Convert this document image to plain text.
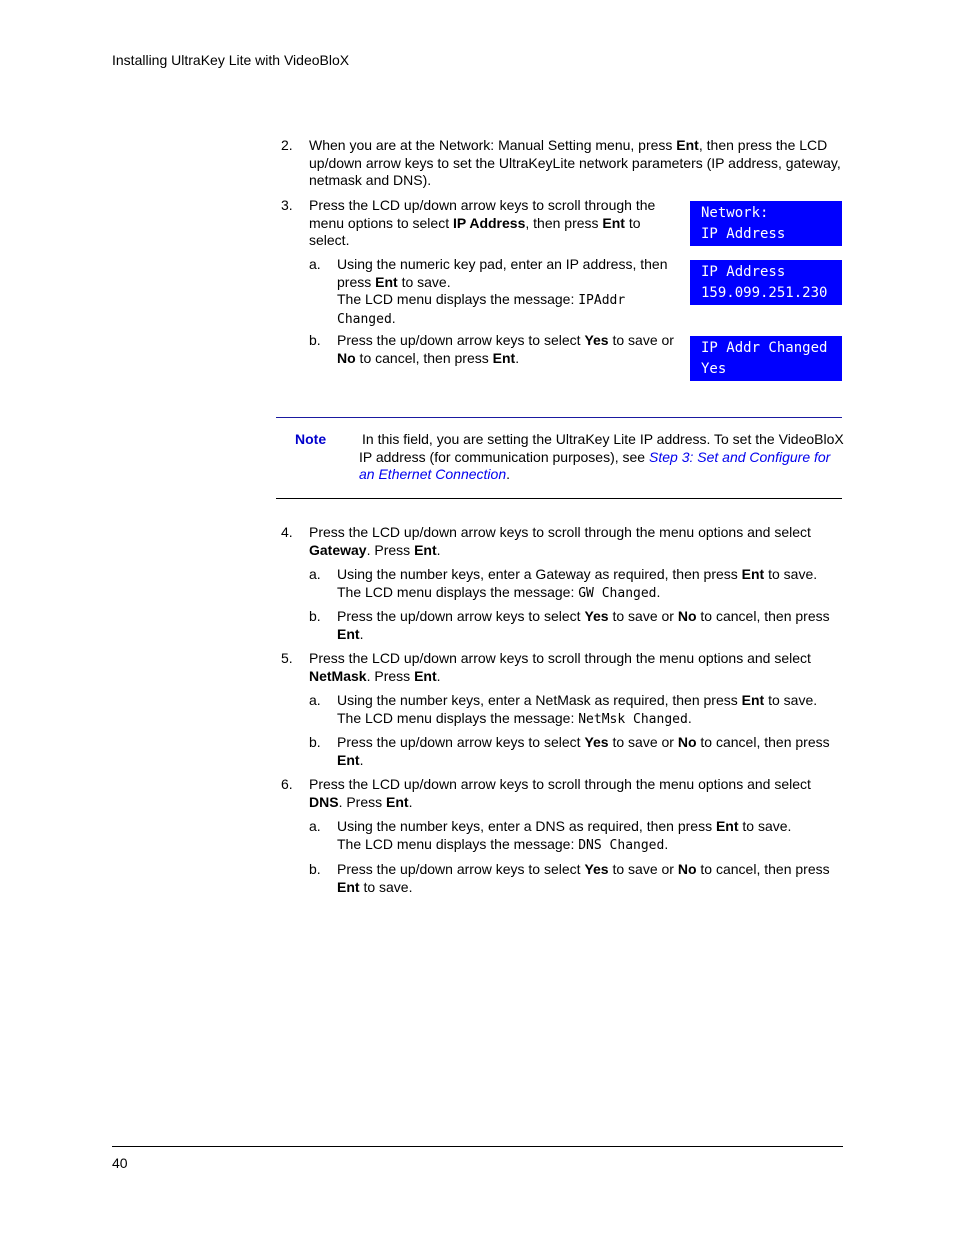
Installing UltraKey Lite with VideoBloX
2. When you are at the Network: Manual Setting menu, press Ent, then press the LCD
up/down arrow keys to set the UltraKeyLite network parameters (IP address, gateway,
netmask and DNS).
3. Press the LCD up/down arrow keys to scroll through the
menu options to select IP Address, then press Ent to
select.
a. Using the numeric key pad, enter an IP address, then
press Ent to save.
The LCD menu displays the message: IPAddr
Changed.
b. Press the up/down arrow keys to select Yes to save or
No to cancel, then press Ent.
Network:
IP Address
IP Address
159.099.251.230
IP Addr Changed
Yes
Note	In this field, you are setting the UltraKey Lite IP address. To set the VideoBloX
IP address (for communication purposes), see Step 3: Set and Configure for
an Ethernet Connection.
4. Press the LCD up/down arrow keys to scroll through the menu options and select
Gateway. Press Ent.
a. Using the number keys, enter a Gateway as required, then press Ent to save.
The LCD menu displays the message: GW Changed.
b. Press the up/down arrow keys to select Yes to save or No to cancel, then press
Ent.
5. Press the LCD up/down arrow keys to scroll through the menu options and select
NetMask. Press Ent.
a. Using the number keys, enter a NetMask as required, then press Ent to save.
The LCD menu displays the message: NetMsk Changed.
b. Press the up/down arrow keys to select Yes to save or No to cancel, then press
Ent.
6. Press the LCD up/down arrow keys to scroll through the menu options and select
DNS. Press Ent.
a. Using the number keys, enter a DNS as required, then press Ent to save.
The LCD menu displays the message: DNS Changed.
b. Press the up/down arrow keys to select Yes to save or No to cancel, then press
Ent to save.
40
